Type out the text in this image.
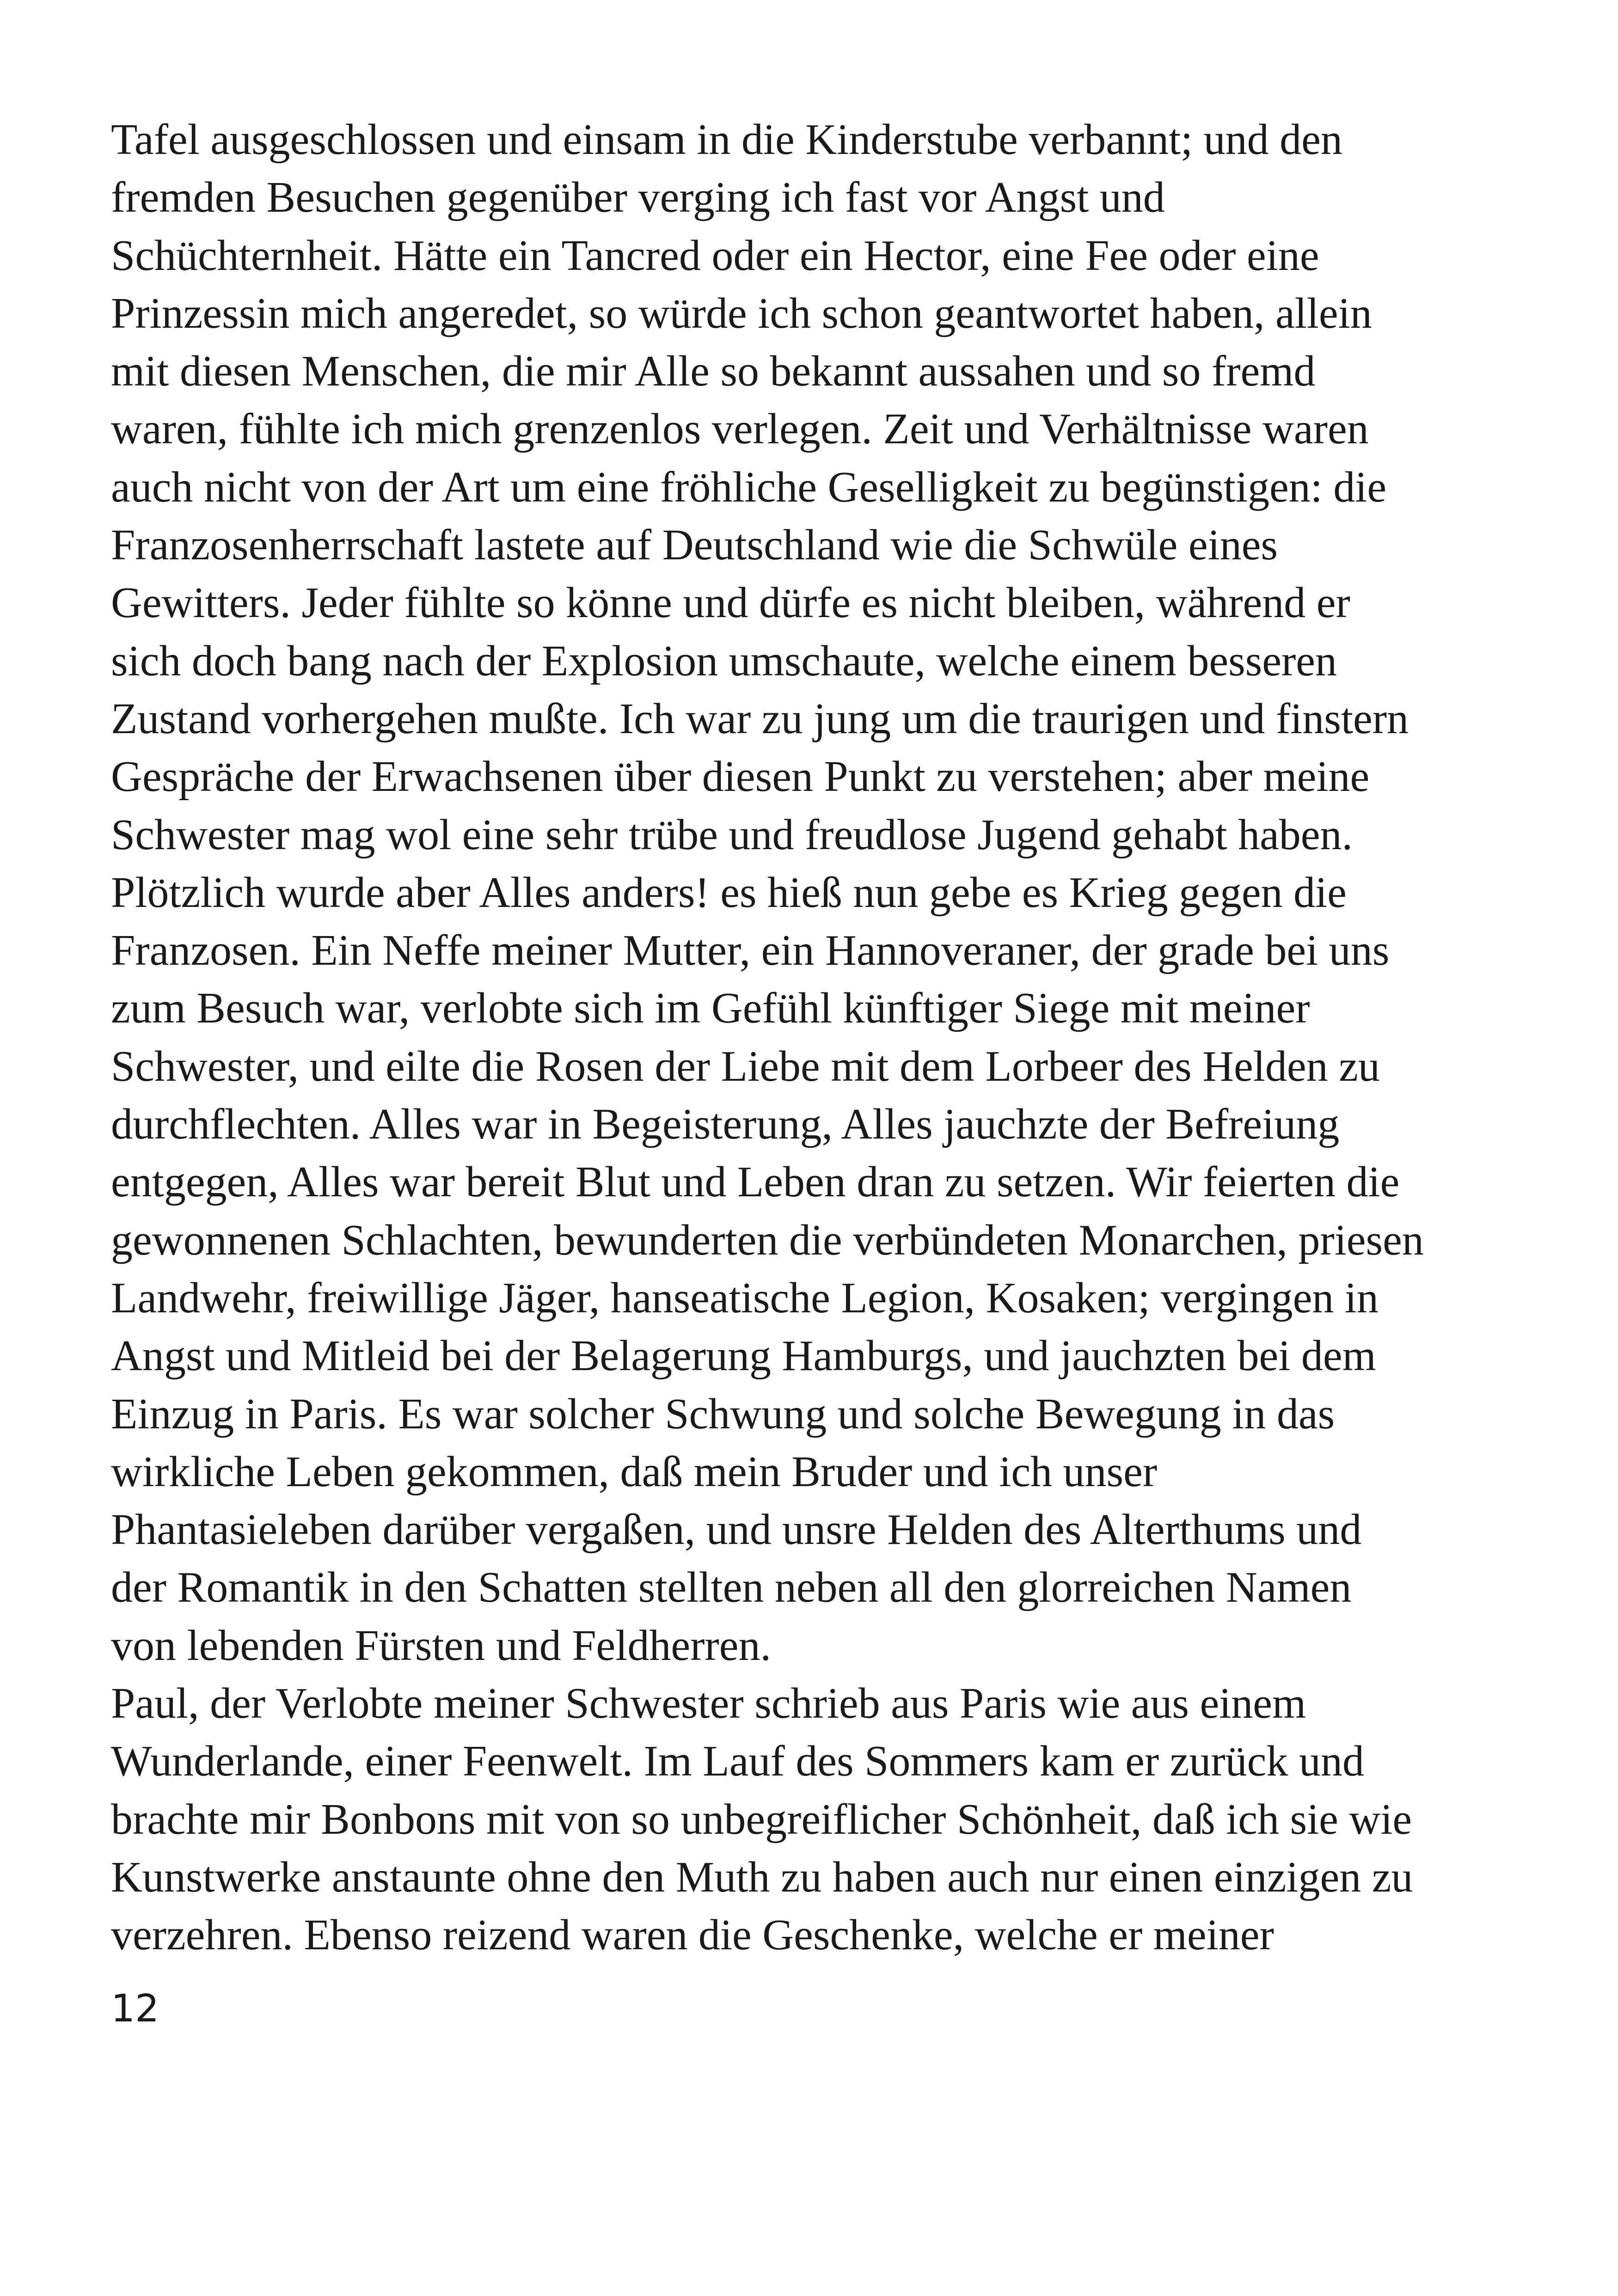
Tafel ausgeschlossen und einsam in die Kinderstube verbannt; und den
fremden Besuchen gegenüber verging ich fast vor Angst und
Schüchternheit. Hätte ein Tancred oder ein Hector, eine Fee oder eine
Prinzessin mich angeredet, so würde ich schon geantwortet haben, allein
mit diesen Menschen, die mir Alle so bekannt aussahen und so fremd
waren, fühlte ich mich grenzenlos verlegen. Zeit und Verhältnisse waren
auch nicht von der Art um eine fröhliche Geselligkeit zu begünstigen: die
Franzosenherrschaft lastete auf Deutschland wie die Schwüle eines
Gewitters. Jeder fühlte so könne und dürfe es nicht bleiben, während er
sich doch bang nach der Explosion umschaute, welche einem besseren
Zustand vorhergehen mußte. Ich war zu jung um die traurigen und finstern
Gespräche der Erwachsenen über diesen Punkt zu verstehen; aber meine
Schwester mag wol eine sehr trübe und freudlose Jugend gehabt haben.
Plötzlich wurde aber Alles anders! es hieß nun gebe es Krieg gegen die
Franzosen. Ein Neffe meiner Mutter, ein Hannoveraner, der grade bei uns
zum Besuch war, verlobte sich im Gefühl künftiger Siege mit meiner
Schwester, und eilte die Rosen der Liebe mit dem Lorbeer des Helden zu
durchflechten. Alles war in Begeisterung, Alles jauchzte der Befreiung
entgegen, Alles war bereit Blut und Leben dran zu setzen. Wir feierten die
gewonnenen Schlachten, bewunderten die verbündeten Monarchen, priesen
Landwehr, freiwillige Jäger, hanseatische Legion, Kosaken; vergingen in
Angst und Mitleid bei der Belagerung Hamburgs, und jauchzten bei dem
Einzug in Paris. Es war solcher Schwung und solche Bewegung in das
wirkliche Leben gekommen, daß mein Bruder und ich unser
Phantasieleben darüber vergaßen, und unsre Helden des Alterthums und
der Romantik in den Schatten stellten neben all den glorreichen Namen
von lebenden Fürsten und Feldherren.
Paul, der Verlobte meiner Schwester schrieb aus Paris wie aus einem
Wunderlande, einer Feenwelt. Im Lauf des Sommers kam er zurück und
brachte mir Bonbons mit von so unbegreiflicher Schönheit, daß ich sie wie
Kunstwerke anstaunte ohne den Muth zu haben auch nur einen einzigen zu
verzehren. Ebenso reizend waren die Geschenke, welche er meiner
12
